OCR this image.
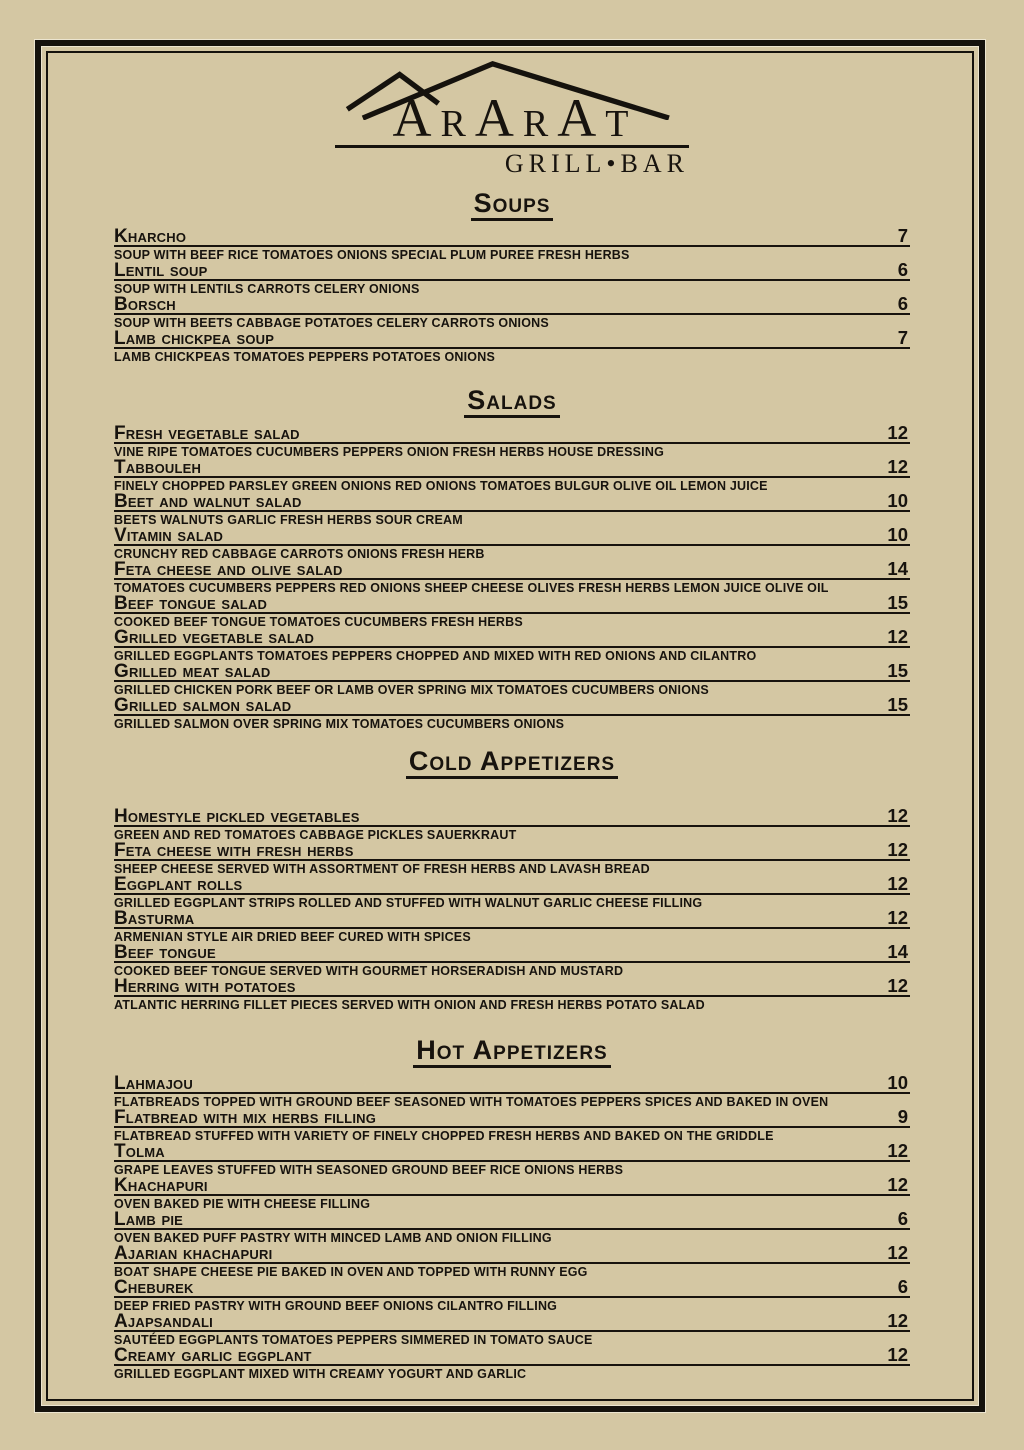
ArArAt
GRILL•BAR
Soups
Kharcho	7
SOUP WITH BEEF RICE TOMATOES ONIONS SPECIAL PLUM PUREE FRESH HERBS
Lentil soup	6
SOUP WITH LENTILS CARROTS CELERY ONIONS
Borsch	6
SOUP WITH BEETS CABBAGE POTATOES CELERY CARROTS ONIONS
Lamb chickpea soup	7
LAMB CHICKPEAS TOMATOES PEPPERS POTATOES ONIONS
Salads
Fresh vegetable salad	12
VINE RIPE TOMATOES CUCUMBERS PEPPERS ONION FRESH HERBS HOUSE DRESSING
Tabbouleh	12
FINELY CHOPPED PARSLEY GREEN ONIONS RED ONIONS TOMATOES BULGUR OLIVE OIL LEMON JUICE
Beet and walnut salad	10
BEETS WALNUTS GARLIC FRESH HERBS SOUR CREAM
Vitamin salad	10
CRUNCHY RED CABBAGE CARROTS ONIONS FRESH HERB
Feta cheese and olive salad	14
TOMATOES CUCUMBERS PEPPERS RED ONIONS SHEEP CHEESE OLIVES FRESH HERBS LEMON JUICE OLIVE OIL
Beef tongue salad	15
COOKED BEEF TONGUE TOMATOES CUCUMBERS FRESH HERBS
Grilled vegetable salad	12
GRILLED EGGPLANTS TOMATOES PEPPERS CHOPPED AND MIXED WITH RED ONIONS AND CILANTRO
Grilled meat salad	15
GRILLED CHICKEN PORK BEEF OR LAMB OVER SPRING MIX TOMATOES CUCUMBERS ONIONS
Grilled salmon salad	15
GRILLED SALMON OVER SPRING MIX TOMATOES CUCUMBERS ONIONS
Cold Appetizers
Homestyle pickled vegetables	12
GREEN AND RED TOMATOES CABBAGE PICKLES SAUERKRAUT
Feta cheese with fresh herbs	12
SHEEP CHEESE SERVED WITH ASSORTMENT OF FRESH HERBS AND LAVASH BREAD
Eggplant rolls	12
GRILLED EGGPLANT STRIPS ROLLED AND STUFFED WITH WALNUT GARLIC CHEESE FILLING
Basturma	12
ARMENIAN STYLE AIR DRIED BEEF CURED WITH SPICES
Beef tongue	14
COOKED BEEF TONGUE SERVED WITH GOURMET HORSERADISH AND MUSTARD
Herring with potatoes	12
ATLANTIC HERRING FILLET PIECES SERVED WITH ONION AND FRESH HERBS POTATO SALAD
Hot Appetizers
Lahmajou	10
FLATBREADS TOPPED WITH GROUND BEEF SEASONED WITH TOMATOES PEPPERS SPICES AND BAKED IN OVEN
Flatbread with mix herbs filling	9
FLATBREAD STUFFED WITH VARIETY OF FINELY CHOPPED FRESH HERBS AND BAKED ON THE GRIDDLE
Tolma	12
GRAPE LEAVES STUFFED WITH SEASONED GROUND BEEF RICE ONIONS HERBS
Khachapuri	12
OVEN BAKED PIE WITH CHEESE FILLING
Lamb pie	6
OVEN BAKED PUFF PASTRY WITH MINCED LAMB AND ONION FILLING
Ajarian khachapuri	12
BOAT SHAPE CHEESE PIE BAKED IN OVEN AND TOPPED WITH RUNNY EGG
Cheburek	6
DEEP FRIED PASTRY WITH GROUND BEEF ONIONS CILANTRO FILLING
Ajapsandali	12
SAUTÉED EGGPLANTS TOMATOES PEPPERS SIMMERED IN TOMATO SAUCE
Creamy garlic eggplant	12
GRILLED EGGPLANT MIXED WITH CREAMY YOGURT AND GARLIC
